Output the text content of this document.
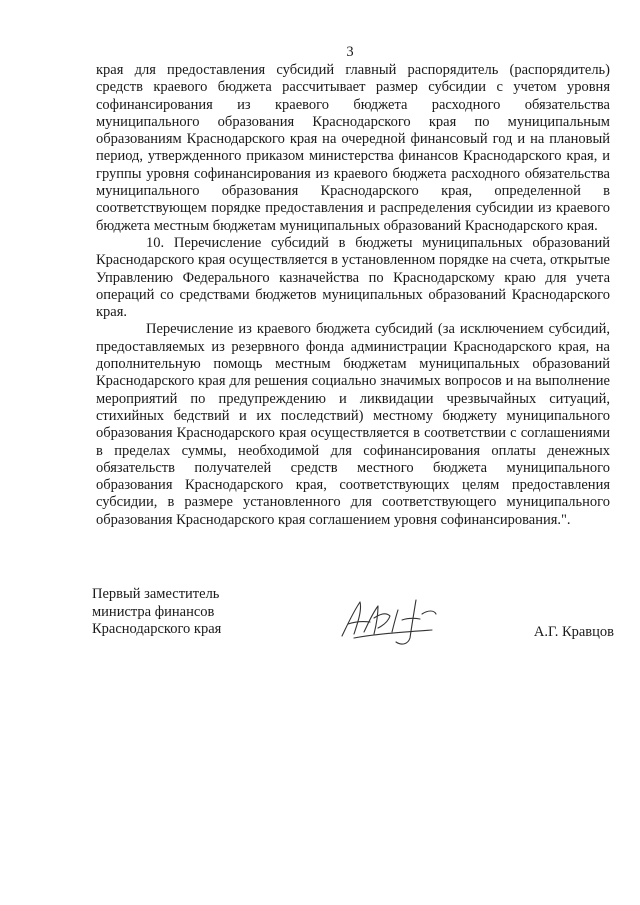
3

края для предоставления субсидий главный распорядитель (распорядитель) средств краевого бюджета рассчитывает размер субсидии с учетом уровня софинансирования из краевого бюджета расходного обязательства муниципального образования Краснодарского края по муниципальным образованиям Краснодарского края на очередной финансовый год и на плановый период, утвержденного приказом министерства финансов Краснодарского края, и группы уровня софинансирования из краевого бюджета расходного обязательства муниципального образования Краснодарского края, определенной в соответствующем порядке предоставления и распределения субсидии из краевого бюджета местным бюджетам муниципальных образований Краснодарского края.

10. Перечисление субсидий в бюджеты муниципальных образований Краснодарского края осуществляется в установленном порядке на счета, открытые Управлению Федерального казначейства по Краснодарскому краю для учета операций со средствами бюджетов муниципальных образований Краснодарского края.

Перечисление из краевого бюджета субсидий (за исключением субсидий, предоставляемых из резервного фонда администрации Краснодарского края, на дополнительную помощь местным бюджетам муниципальных образований Краснодарского края для решения социально значимых вопросов и на выполнение мероприятий по предупреждению и ликвидации чрезвычайных ситуаций, стихийных бедствий и их последствий) местному бюджету муниципального образования Краснодарского края осуществляется в соответствии с соглашениями в пределах суммы, необходимой для софинансирования оплаты денежных обязательств получателей средств местного бюджета муниципального образования Краснодарского края, соответствующих целям предоставления субсидии, в размере установленного для соответствующего муниципального образования Краснодарского края соглашением уровня софинансирования.".

Первый заместитель
министра финансов
Краснодарского края	А.Г. Кравцов
